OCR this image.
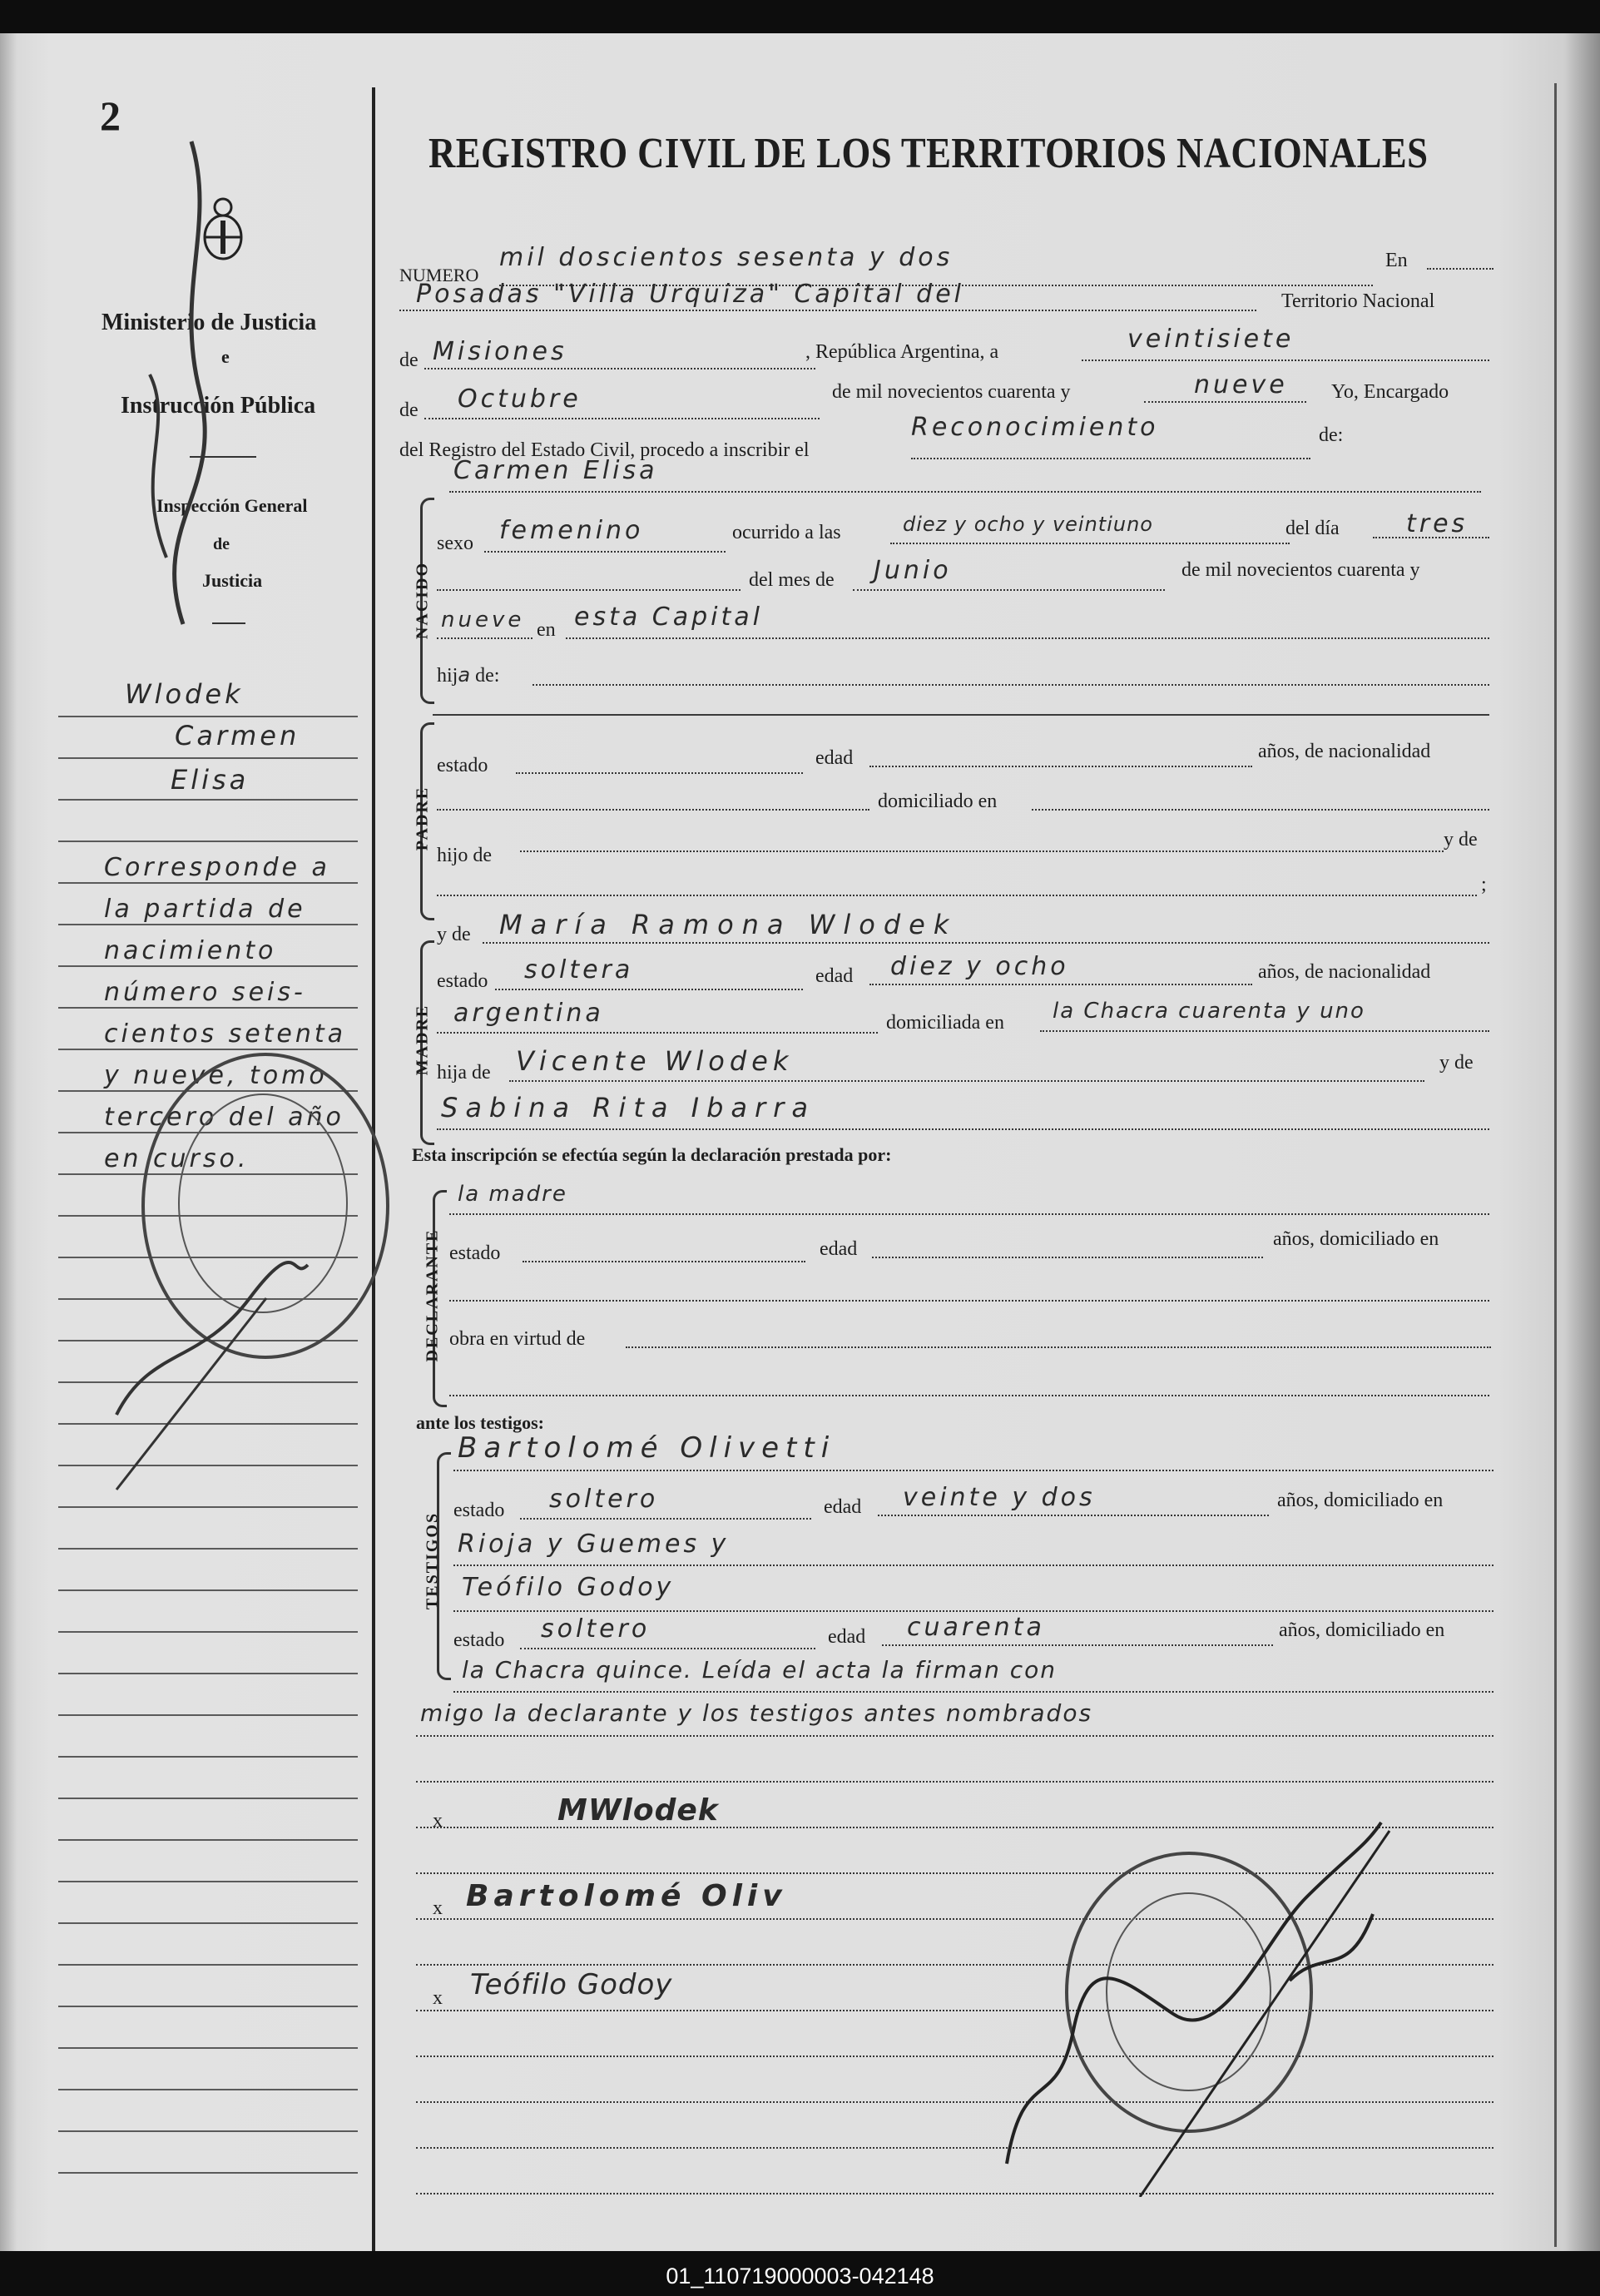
2
Ministerio de Justicia
e
Instrucción Pública
Inspección General
de
Justicia
Wlodek
Carmen
Elisa
Corresponde a
la partida de
nacimiento
número seis-
cientos setenta
y nueve, tomo
tercero del año
en curso.
REGISTRO CIVIL DE LOS TERRITORIOS NACIONALES
NUMERO
mil doscientos sesenta y dos	En
Posadas "Villa Urquiza" Capital del	Territorio Nacional
de Misiones	, República Argentina, a	veintisiete
de Octubre	de mil novecientos cuarenta y	nueve Yo, Encargado
del Registro del Estado Civil, procedo a inscribir el
Reconocimiento	de:
Carmen Elisa
NACIDO
sexo femenino	ocurrido a las	diez y ocho y veintiuno	del día	tres
del mes de Junio	de mil novecientos cuarenta y
nueve en esta Capital
hija de:
PADRE
estado	edad	años, de nacionalidad
domiciliado en
hijo de
y de
;
MADRE
y de María Ramona Wlodek
estado soltera	edad diez y ocho	años, de nacionalidad
argentina	domiciliada en la Chacra cuarenta y uno
hija de Vicente Wlodek	y de
Sabina Rita Ibarra
Esta inscripción se efectúa según la declaración prestada por:
DECLARANTE
la madre
estado	edad	años, domiciliado en
obra en virtud de
ante los testigos:
TESTIGOS
Bartolomé Olivetti
estado soltero	edad veinte y dos	años, domiciliado en
Rioja y Guemes y
Teófilo Godoy
estado soltero	edad cuarenta	años, domiciliado en
la Chacra quince. Leída el acta la firman con
migo la declarante y los testigos antes nombrados
x	MWlodek
x Bartolomé Oliv
x Teófilo Godoy
01_110719000003-042148
